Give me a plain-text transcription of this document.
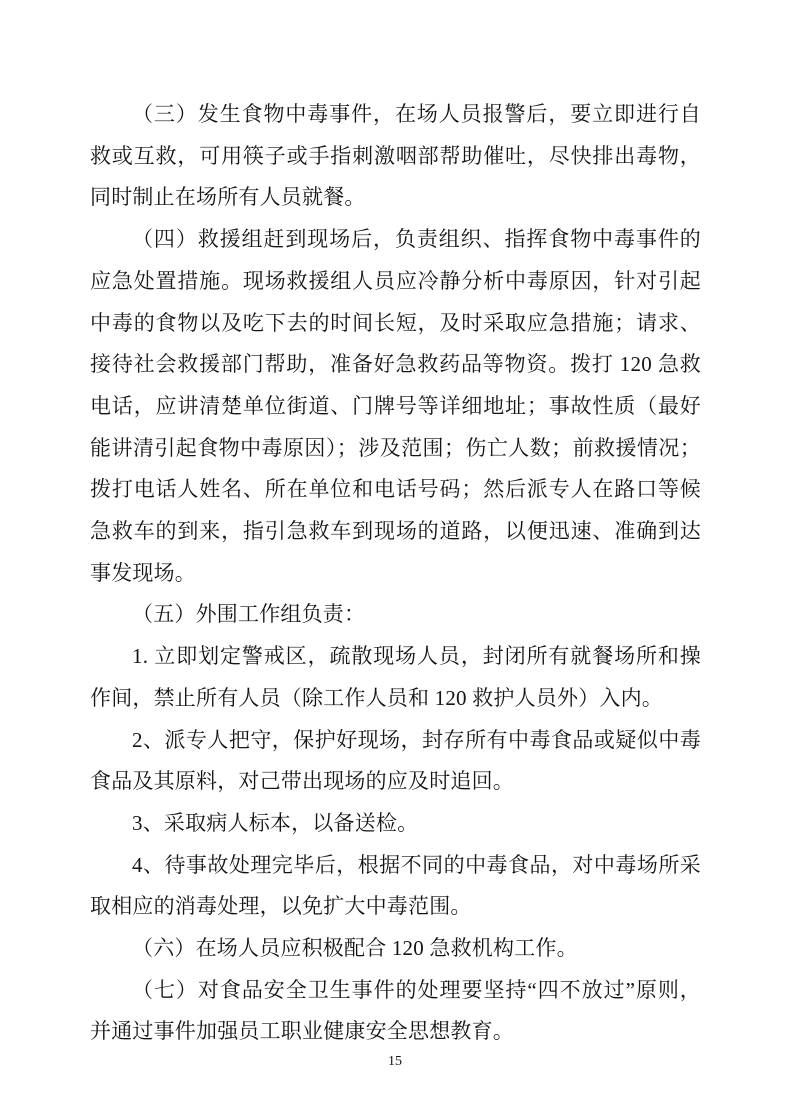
（三）发生食物中毒事件，在场人员报警后，要立即进行自救或互救，可用筷子或手指刺激咽部帮助催吐，尽快排出毒物，同时制止在场所有人员就餐。

（四）救援组赶到现场后，负责组织、指挥食物中毒事件的应急处置措施。现场救援组人员应冷静分析中毒原因，针对引起中毒的食物以及吃下去的时间长短，及时采取应急措施；请求、接待社会救援部门帮助，准备好急救药品等物资。拨打 120 急救电话，应讲清楚单位街道、门牌号等详细地址；事故性质（最好能讲清引起食物中毒原因）；涉及范围；伤亡人数；前救援情况；拨打电话人姓名、所在单位和电话号码；然后派专人在路口等候急救车的到来，指引急救车到现场的道路，以便迅速、准确到达事发现场。

（五）外围工作组负责：

1. 立即划定警戒区，疏散现场人员，封闭所有就餐场所和操作间，禁止所有人员（除工作人员和 120 救护人员外）入内。

2、派专人把守，保护好现场，封存所有中毒食品或疑似中毒食品及其原料，对己带出现场的应及时追回。

3、采取病人标本，以备送检。

4、待事故处理完毕后，根据不同的中毒食品，对中毒场所采取相应的消毒处理，以免扩大中毒范围。

（六）在场人员应积极配合 120 急救机构工作。

（七）对食品安全卫生事件的处理要坚持“四不放过”原则，并通过事件加强员工职业健康安全思想教育。

15
